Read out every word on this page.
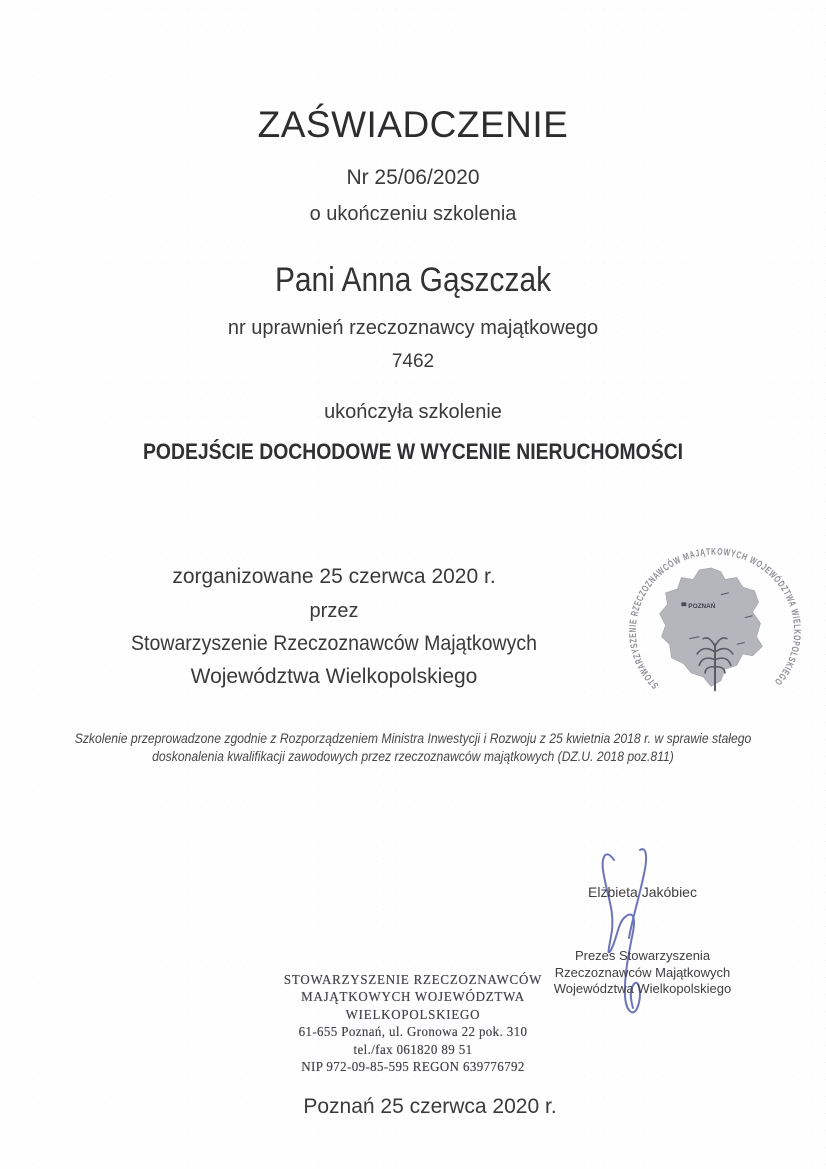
ZAŚWIADCZENIE
Nr 25/06/2020
o ukończeniu szkolenia
Pani Anna Gąszczak
nr uprawnień rzeczoznawcy majątkowego
7462
ukończyła szkolenie
PODEJŚCIE DOCHODOWE W WYCENIE NIERUCHOMOŚCI
zorganizowane 25 czerwca 2020 r.
przez
Stowarzyszenie Rzeczoznawców Majątkowych
Województwa Wielkopolskiego
Szkolenie przeprowadzone zgodnie z Rozporządzeniem Ministra Inwestycji i Rozwoju z 25 kwietnia 2018 r. w sprawie stałego
doskonalenia kwalifikacji zawodowych przez rzeczoznawców majątkowych (DZ.U. 2018 poz.811)
POZNAŃ
STOWARZYSZENIE RZECZOZNAWCÓW MAJĄTKOWYCH WOJEWÓDZTWA WIELKOPOLSKIEGO
Elżbieta Jakóbiec
Prezes Stowarzyszenia
Rzeczoznawców Majątkowych
Województwa Wielkopolskiego
STOWARZYSZENIE RZECZOZNAWCÓW
MAJĄTKOWYCH WOJEWÓDZTWA
WIELKOPOLSKIEGO
61-655 Poznań, ul. Gronowa 22 pok. 310
tel./fax 061820 89 51
NIP 972-09-85-595 REGON 639776792
Poznań 25 czerwca 2020 r.
